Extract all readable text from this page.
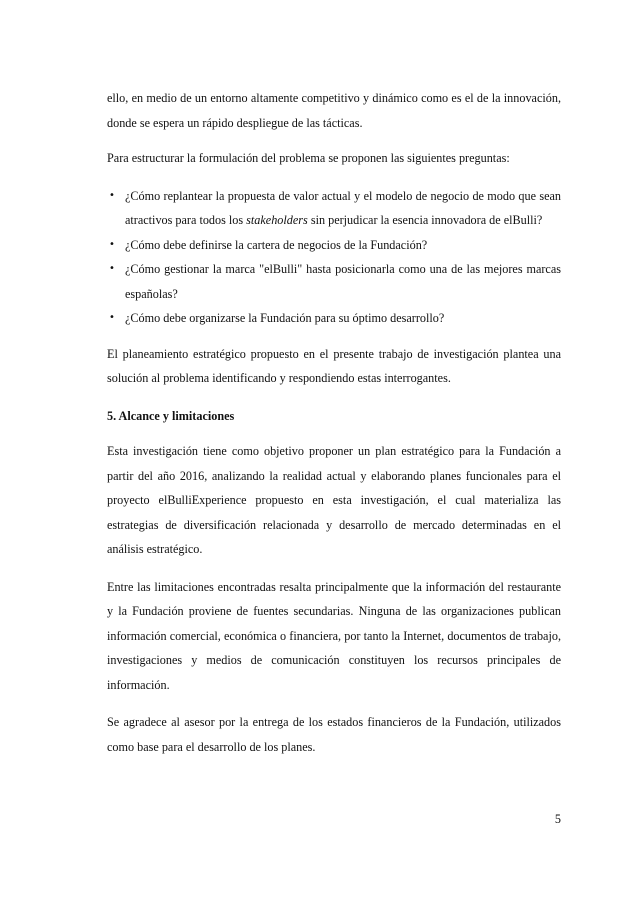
ello, en medio de un entorno altamente competitivo y dinámico como es el de la innovación, donde se espera un rápido despliegue de las tácticas.

Para estructurar la formulación del problema se proponen las siguientes preguntas:

• ¿Cómo replantear la propuesta de valor actual y el modelo de negocio de modo que sean atractivos para todos los stakeholders sin perjudicar la esencia innovadora de elBulli?
• ¿Cómo debe definirse la cartera de negocios de la Fundación?
• ¿Cómo gestionar la marca "elBulli" hasta posicionarla como una de las mejores marcas españolas?
• ¿Cómo debe organizarse la Fundación para su óptimo desarrollo?

El planeamiento estratégico propuesto en el presente trabajo de investigación plantea una solución al problema identificando y respondiendo estas interrogantes.

5. Alcance y limitaciones

Esta investigación tiene como objetivo proponer un plan estratégico para la Fundación a partir del año 2016, analizando la realidad actual y elaborando planes funcionales para el proyecto elBulliExperience propuesto en esta investigación, el cual materializa las estrategias de diversificación relacionada y desarrollo de mercado determinadas en el análisis estratégico.

Entre las limitaciones encontradas resalta principalmente que la información del restaurante y la Fundación proviene de fuentes secundarias. Ninguna de las organizaciones publican información comercial, económica o financiera, por tanto la Internet, documentos de trabajo, investigaciones y medios de comunicación constituyen los recursos principales de información.

Se agradece al asesor por la entrega de los estados financieros de la Fundación, utilizados como base para el desarrollo de los planes.

5
